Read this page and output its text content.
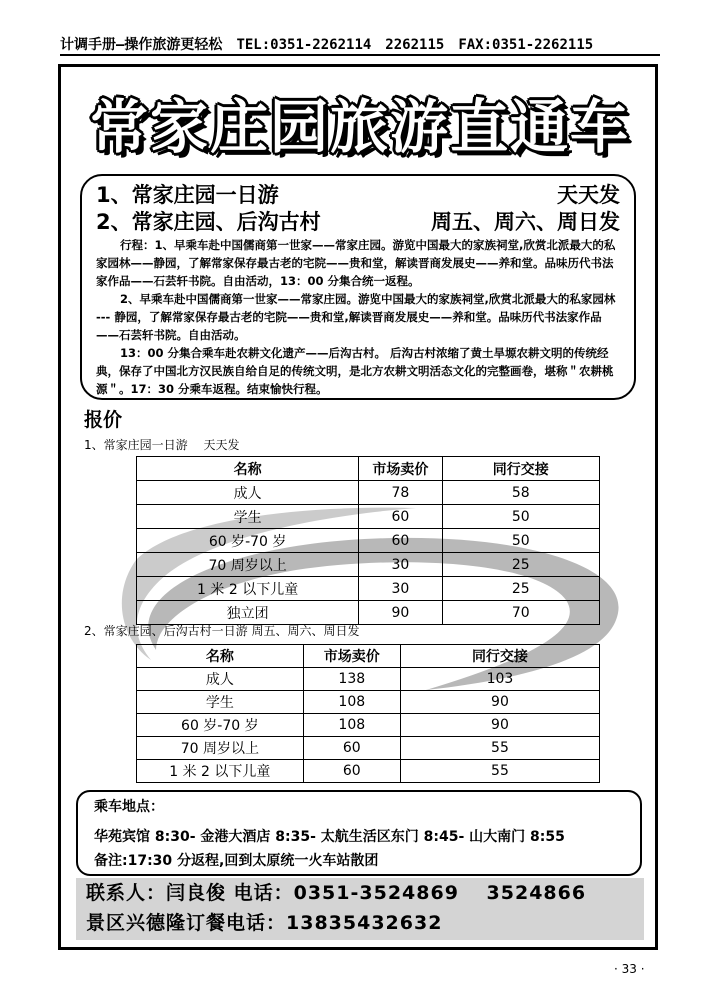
计调手册—操作旅游更轻松 TEL:0351-2262114 2262115 FAX:0351-2262115
常家庄园旅游直通车
1、常家庄园一日游	天天发
2、常家庄园、后沟古村	周五、周六、周日发

行程：1、早乘车赴中国儒商第一世家——常家庄园。游览中国最大的家族祠堂,欣赏北派最大的私家园林——静园，了解常家保存最古老的宅院——贵和堂，解读晋商发展史——养和堂。品味历代书法家作品——石芸轩书院。自由活动，13：00 分集合统一返程。

2、早乘车赴中国儒商第一世家——常家庄园。游览中国最大的家族祠堂,欣赏北派最大的私家园林 --- 静园，了解常家保存最古老的宅院——贵和堂,解读晋商发展史——养和堂。品味历代书法家作品——石芸轩书院。自由活动。

13：00 分集合乘车赴农耕文化遗产——后沟古村。 后沟古村浓缩了黄土旱塬农耕文明的传统经典，保存了中国北方汉民族自给自足的传统文明，是北方农耕文明活态文化的完整画卷，堪称＂农耕桃源＂。17：30 分乘车返程。结束愉快行程。

报价
1、常家庄园一日游　 天天发
名称	市场卖价	同行交接
成人	78	58
学生	60	50
60 岁-70 岁	60	50
70 周岁以上	30	25
1 米 2 以下儿童	30	25
独立团	90	70
2、常家庄园、后沟古村一日游 周五、周六、周日发
名称	市场卖价	同行交接
成人	138	103
学生	108	90
60 岁-70 岁	108	90
70 周岁以上	60	55
1 米 2 以下儿童	60	55
乘车地点：
华苑宾馆 8:30- 金港大酒店 8:35- 太航生活区东门 8:45- 山大南门 8:55
备注:17:30 分返程,回到太原统一火车站散团
联系人：闫良俊 电话：0351-3524869　 3524866
景区兴德隆订餐电话：13835432632
· 33 ·
